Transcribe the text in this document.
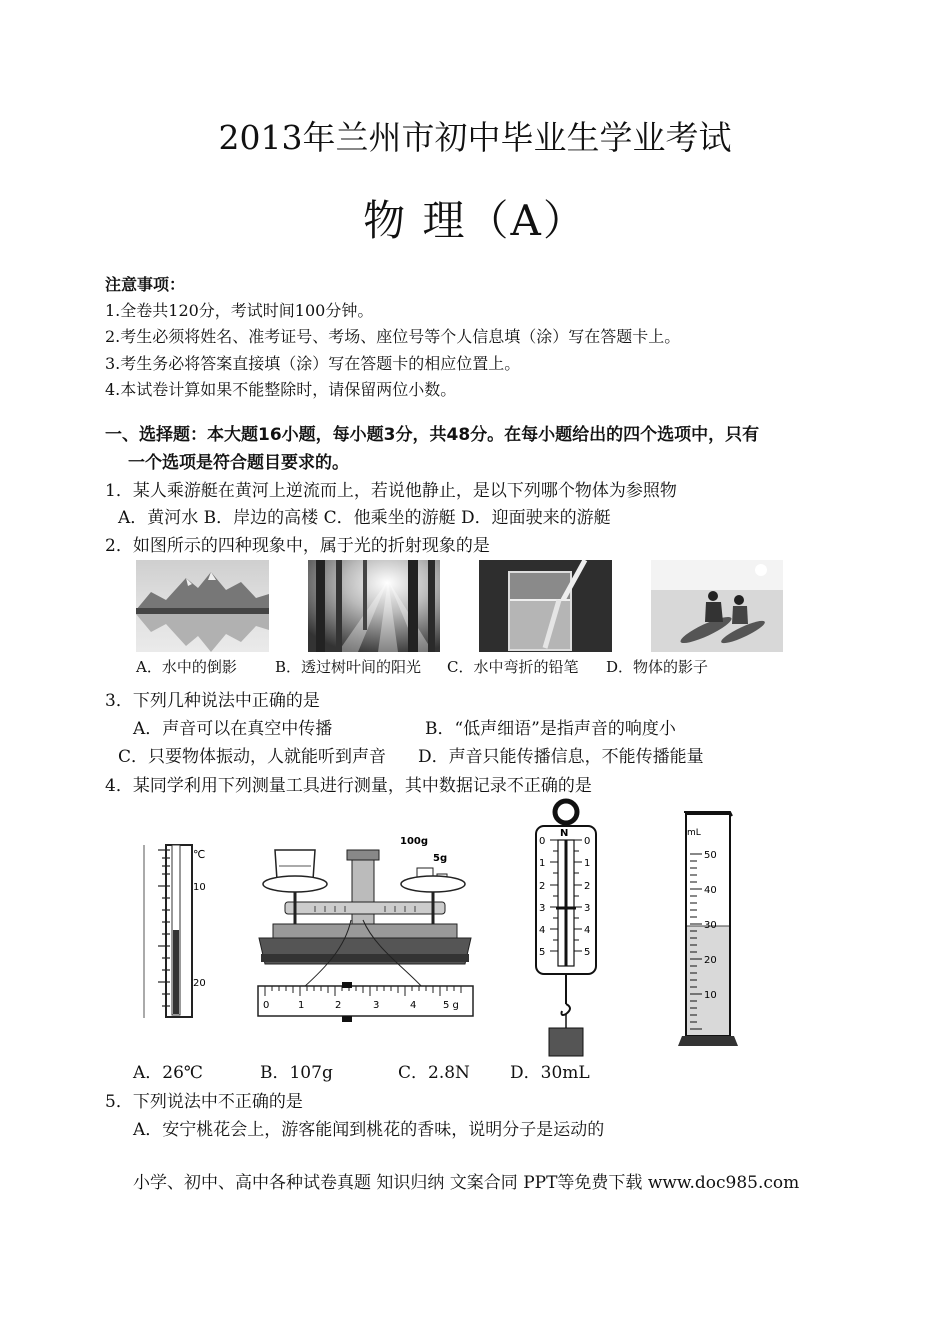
2013年兰州市初中毕业生学业考试
物 理（A）
注意事项：
1.全卷共120分，考试时间100分钟。
2.考生必须将姓名、准考证号、考场、座位号等个人信息填（涂）写在答题卡上。
3.考生务必将答案直接填（涂）写在答题卡的相应位置上。
4.本试卷计算如果不能整除时，请保留两位小数。
一、选择题：本大题16小题，每小题3分，共48分。在每小题给出的四个选项中，只有
一个选项是符合题目要求的。
1．某人乘游艇在黄河上逆流而上，若说他静止，是以下列哪个物体为参照物
A．黄河水 B．岸边的高楼 C．他乘坐的游艇 D．迎面驶来的游艇
2．如图所示的四种现象中，属于光的折射现象的是
A．水中的倒影	B．透过树叶间的阳光 C．水中弯折的铅笔 D．物体的影子
3．下列几种说法中正确的是
A．声音可以在真空中传播	B．“低声细语”是指声音的响度小
C．只要物体振动，人就能听到声音 D．声音只能传播信息，不能传播能量
4．某同学利用下列测量工具进行测量，其中数据记录不正确的是
℃
10
20
100g
5g
0	1	2	3	4	5 g
N
0
1
2
3
4
5
0
1
2
3
4
5
mL
50
40
30
20
10
A．26℃	B．107g	C．2.8N D．30mL
5．下列说法中不正确的是
A．安宁桃花会上，游客能闻到桃花的香味，说明分子是运动的
小学、初中、高中各种试卷真题 知识归纳 文案合同 PPT等免费下载 www.doc985.com
